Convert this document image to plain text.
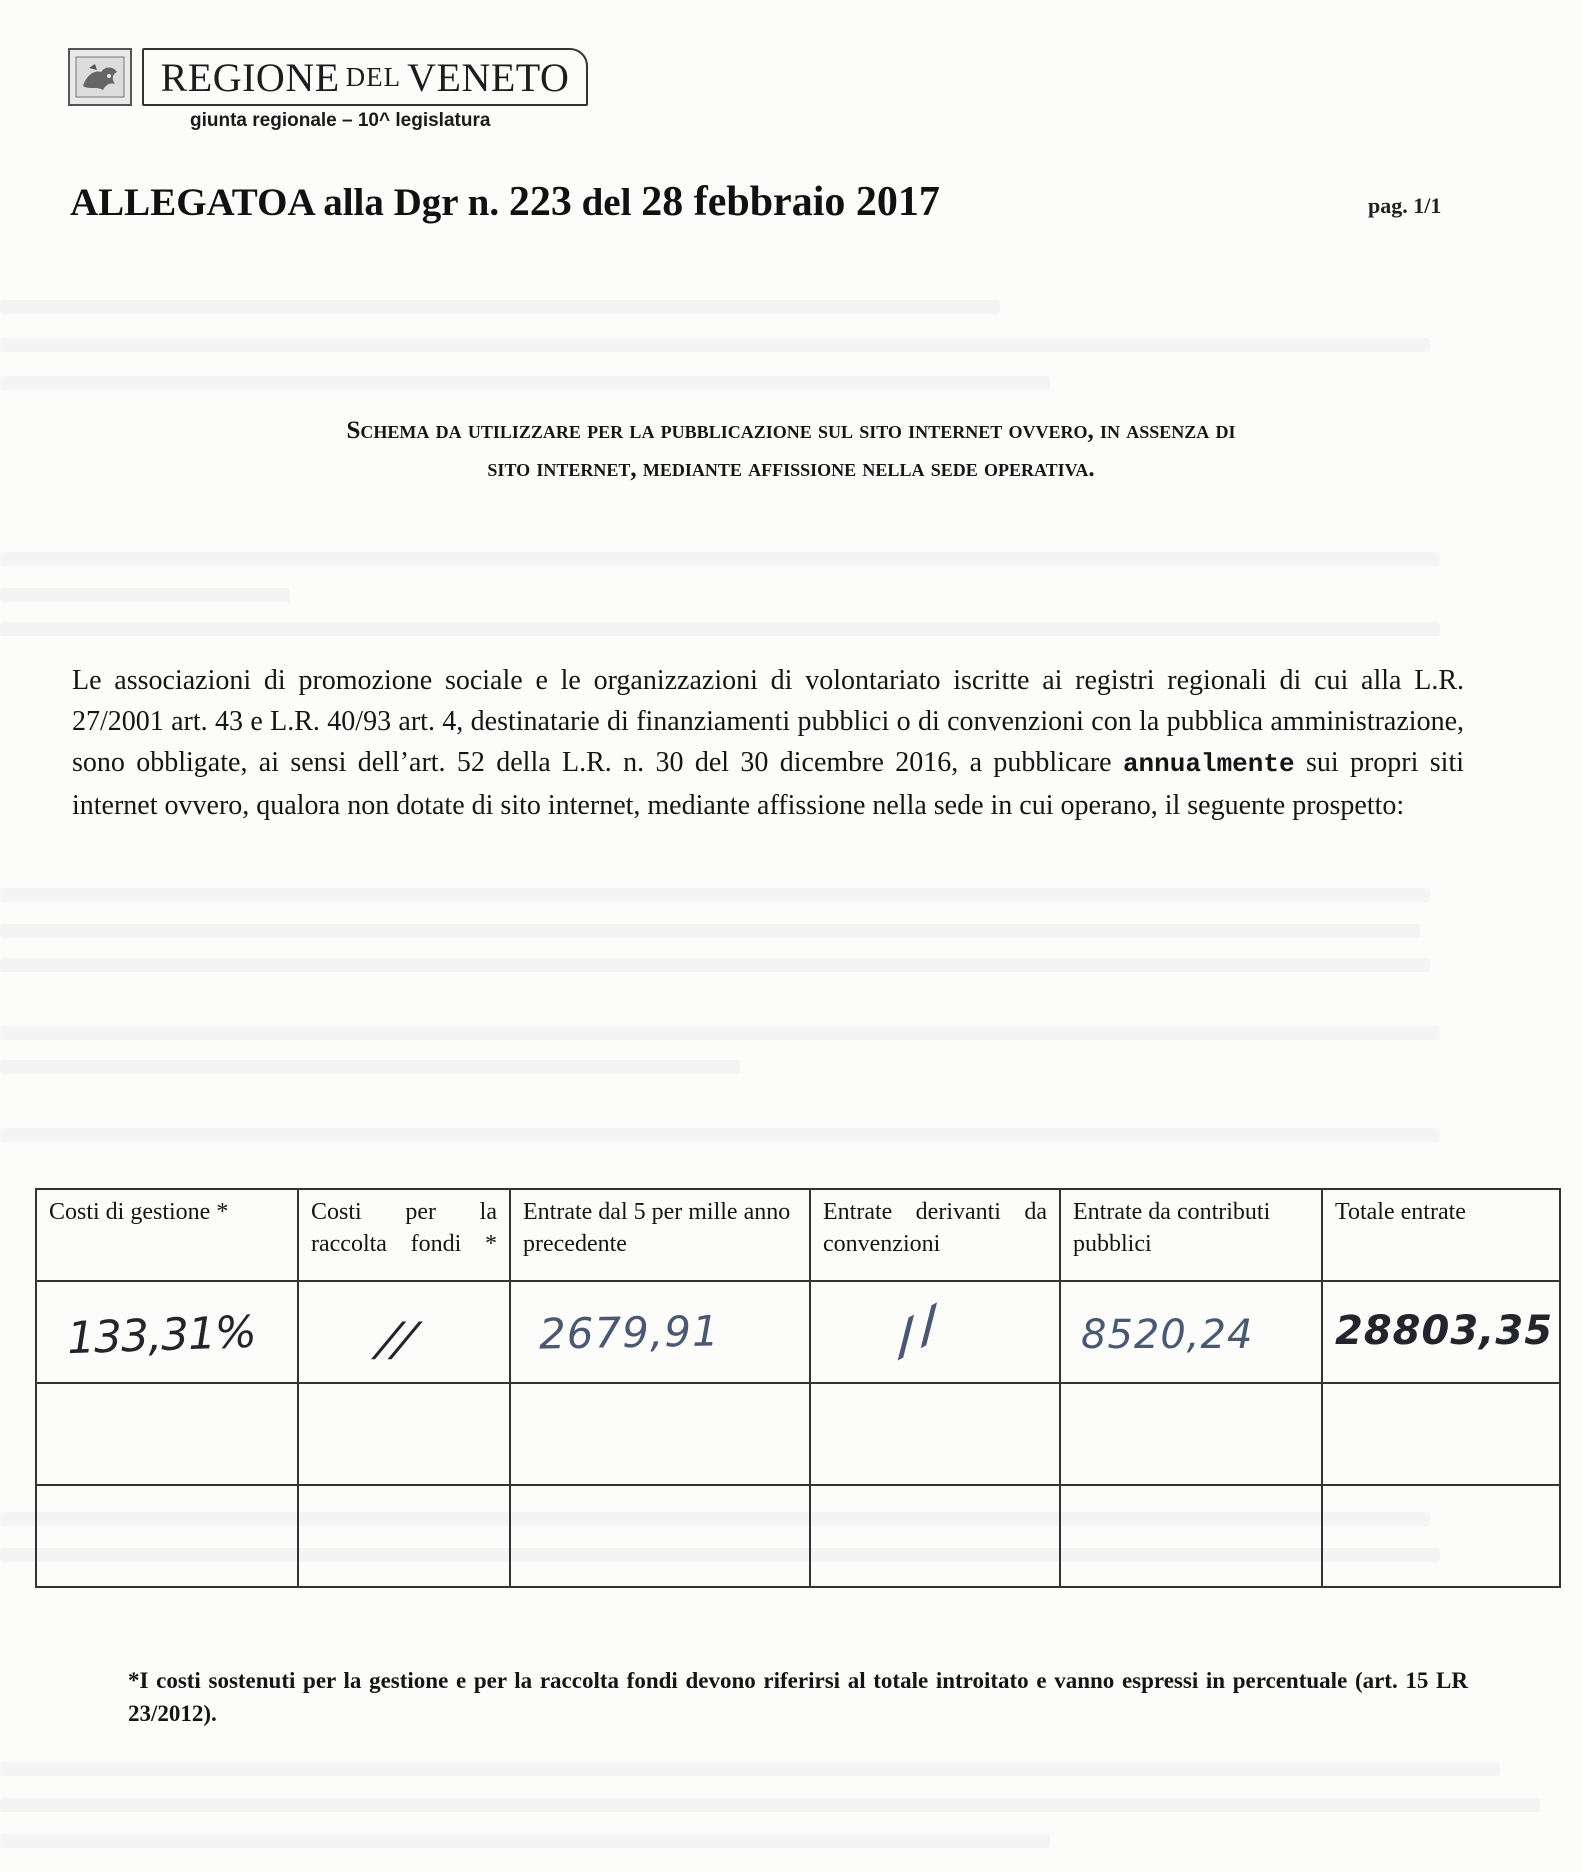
REGIONE DEL VENETO
giunta regionale – 10^ legislatura
ALLEGATOA alla Dgr n. 223 del 28 febbraio 2017	pag. 1/1
Schema da utilizzare per la pubblicazione sul sito internet ovvero, in assenza di
sito internet, mediante affissione nella sede operativa.
Le associazioni di promozione sociale e le organizzazioni di volontariato iscritte ai registri regionali di cui alla L.R. 27/2001 art. 43 e L.R. 40/93 art. 4, destinatarie di finanziamenti pubblici o di convenzioni con la pubblica amministrazione, sono obbligate, ai sensi dell’art. 52 della L.R. n. 30 del 30 dicembre 2016, a pubblicare annualmente sui propri siti internet ovvero, qualora non dotate di sito internet, mediante affissione nella sede in cui operano, il seguente prospetto:
Costi di gestione *	Costi per la raccolta fondi *	Entrate dal 5 per mille anno precedente	Entrate derivanti da convenzioni	Entrate da contributi pubblici	Totale entrate

133,31%	//	2679,91	∕∕	8520,24	28803,35

*I costi sostenuti per la gestione e per la raccolta fondi devono riferirsi al totale introitato e vanno espressi in percentuale (art. 15 LR 23/2012).
